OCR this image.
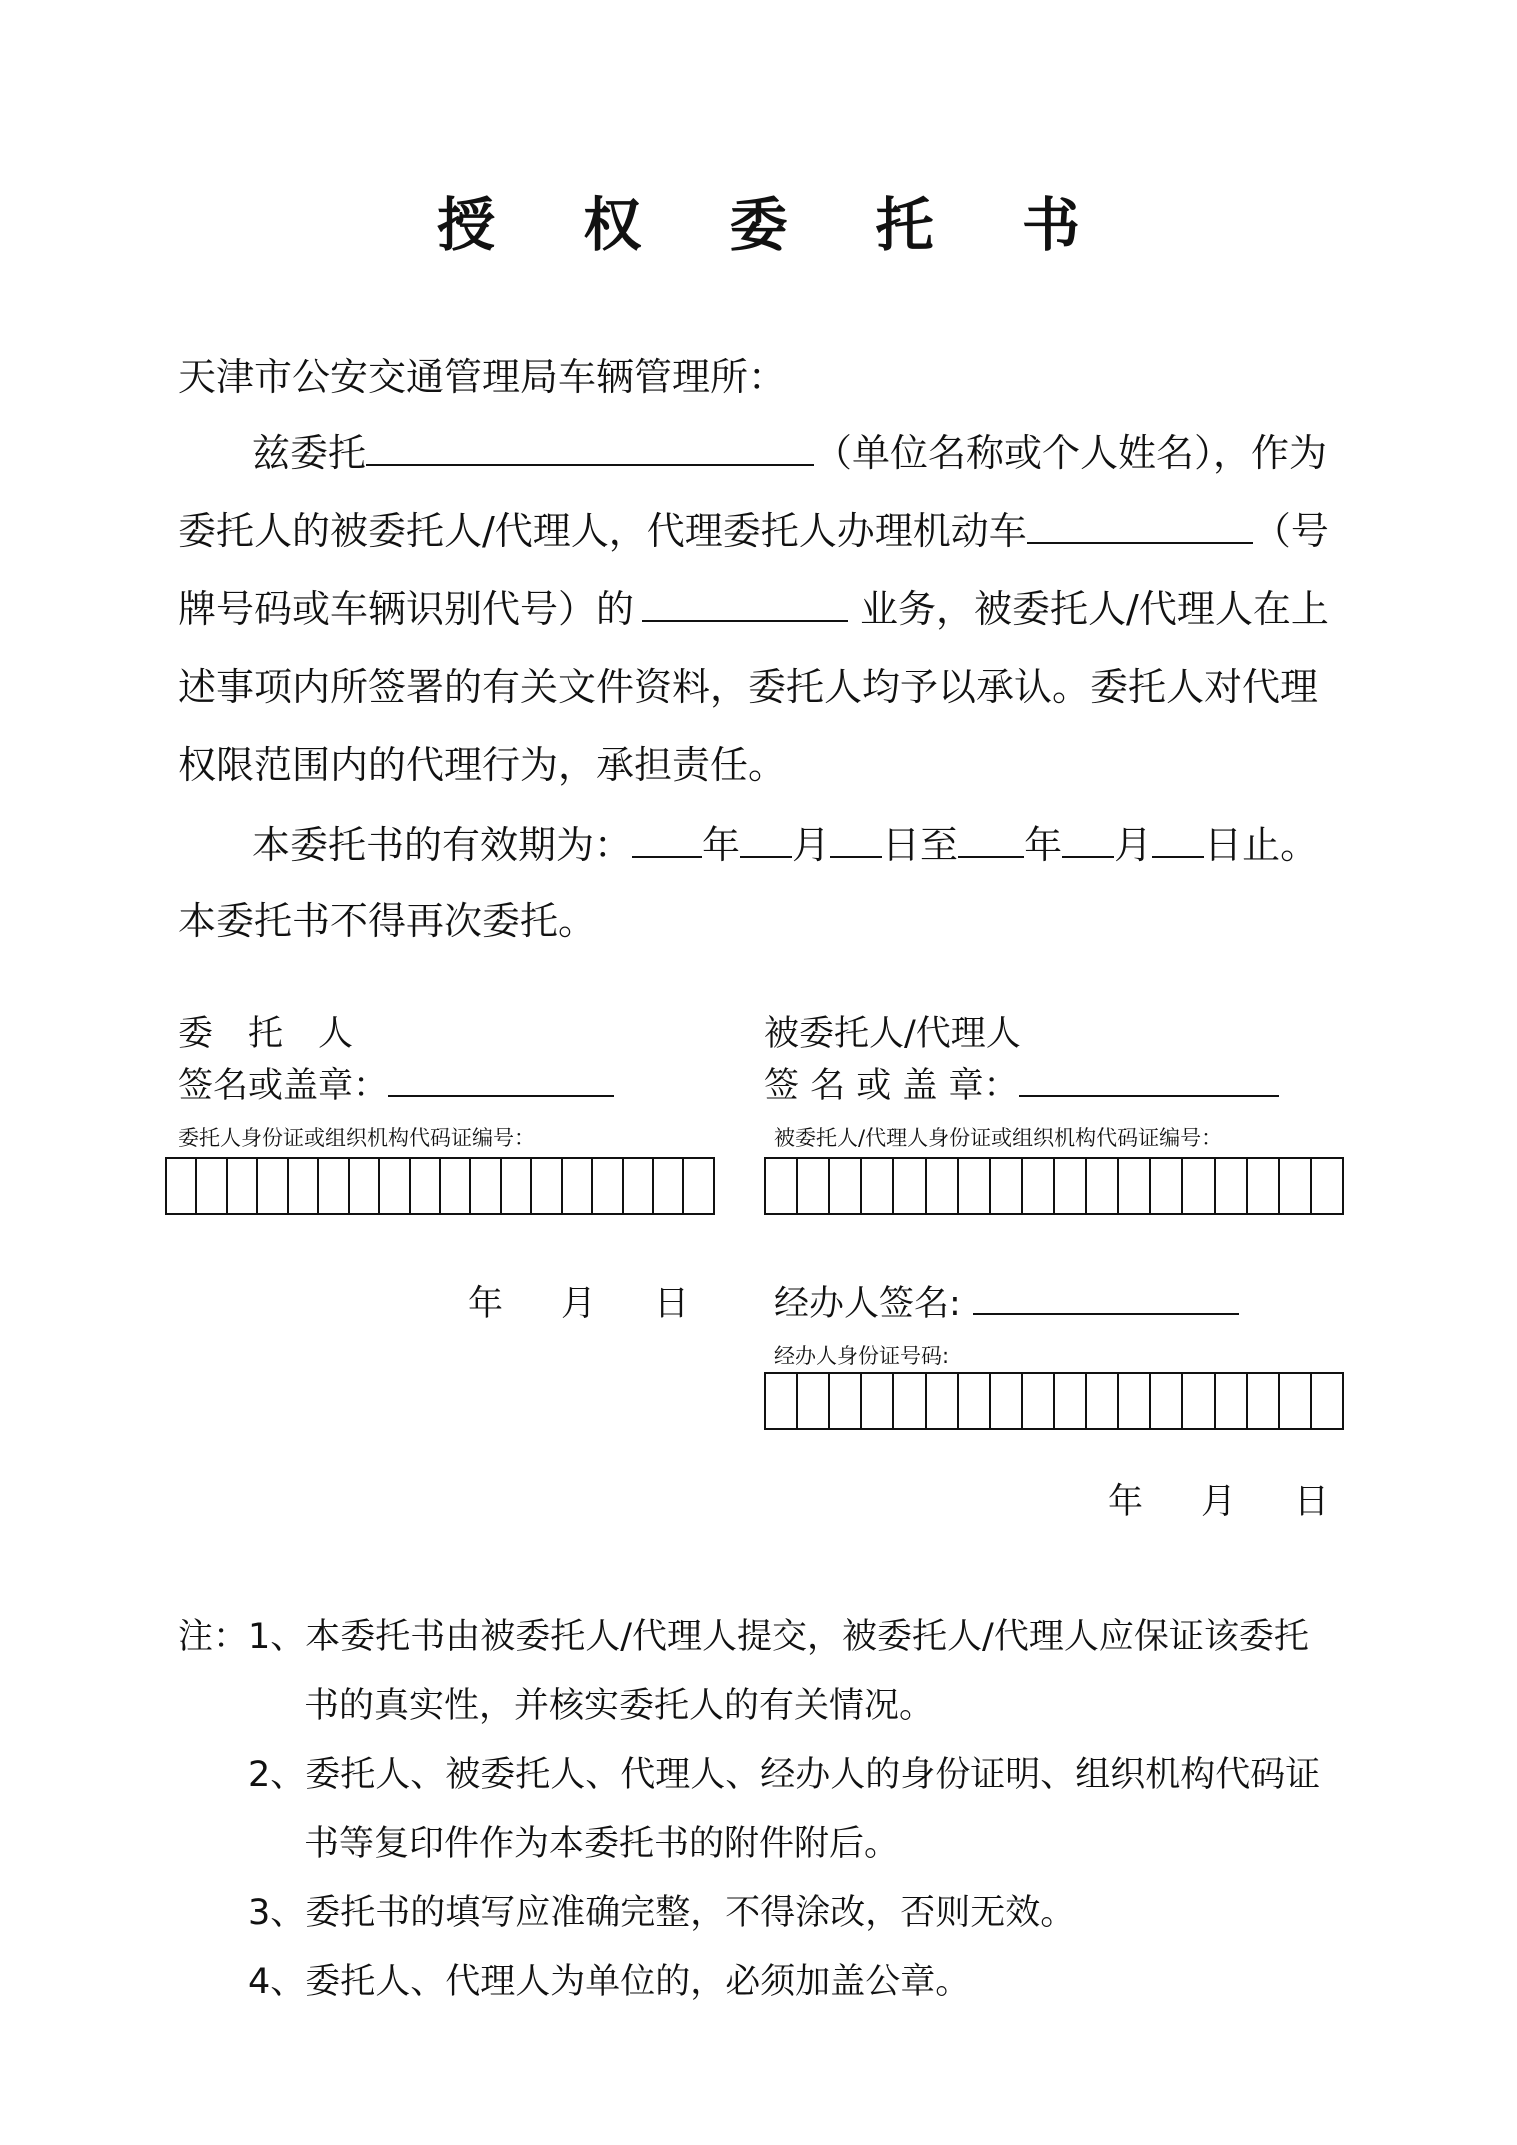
授 权 委 托 书
天津市公安交通管理局车辆管理所：
兹委托	（单位名称或个人姓名），作为
委托人的被委托人/代理人，代理委托人办理机动车	（号
牌号码或车辆识别代号）的	业务，被委托人/代理人在上
述事项内所签署的有关文件资料，委托人均予以承认。委托人对代理
权限范围内的代理行为，承担责任。
本委托书的有效期为： 年 月 日至 年 月 日止。
本委托书不得再次委托。
委　托　人
签名或盖章：
委托人身份证或组织机构代码证编号：
年 月 日
被委托人/代理人
签 名 或 盖 章：
被委托人/代理人身份证或组织机构代码证编号：
经办人签名:
经办人身份证号码:
年 月 日
注： 1、本委托书由被委托人/代理人提交，被委托人/代理人应保证该委托
书的真实性，并核实委托人的有关情况。
2、委托人、被委托人、代理人、经办人的身份证明、组织机构代码证
书等复印件作为本委托书的附件附后。
3、委托书的填写应准确完整，不得涂改，否则无效。
4、委托人、代理人为单位的，必须加盖公章。
